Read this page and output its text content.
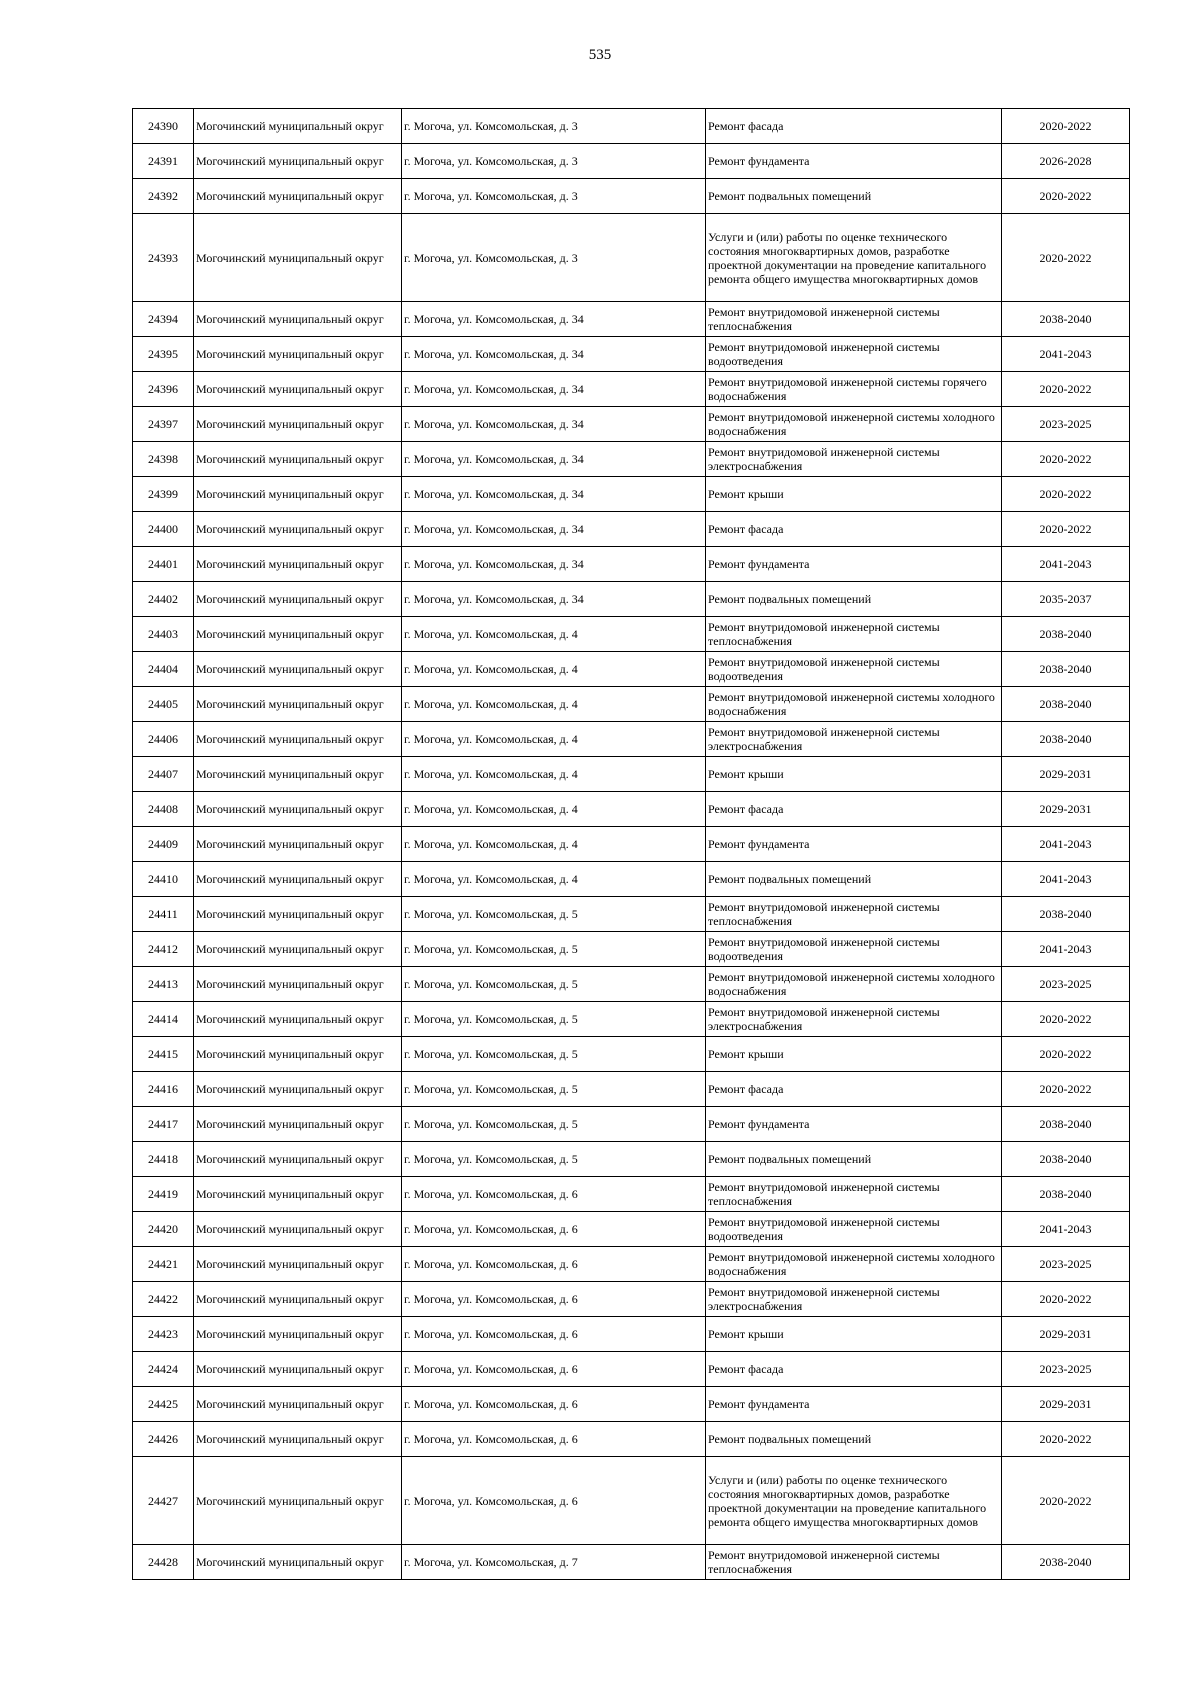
535
24390	Могочинский муниципальный округ	г. Могоча, ул. Комсомольская, д. 3	Ремонт фасада	2020-2022
24391	Могочинский муниципальный округ	г. Могоча, ул. Комсомольская, д. 3	Ремонт фундамента	2026-2028
24392	Могочинский муниципальный округ	г. Могоча, ул. Комсомольская, д. 3	Ремонт подвальных помещений	2020-2022
24393	Могочинский муниципальный округ	г. Могоча, ул. Комсомольская, д. 3	Услуги и (или) работы по оценке технического состояния многоквартирных домов, разработке проектной документации на проведение капитального ремонта общего имущества многоквартирных домов	2020-2022
24394	Могочинский муниципальный округ	г. Могоча, ул. Комсомольская, д. 34	Ремонт внутридомовой инженерной системы теплоснабжения	2038-2040
24395	Могочинский муниципальный округ	г. Могоча, ул. Комсомольская, д. 34	Ремонт внутридомовой инженерной системы водоотведения	2041-2043
24396	Могочинский муниципальный округ	г. Могоча, ул. Комсомольская, д. 34	Ремонт внутридомовой инженерной системы горячего водоснабжения	2020-2022
24397	Могочинский муниципальный округ	г. Могоча, ул. Комсомольская, д. 34	Ремонт внутридомовой инженерной системы холодного водоснабжения	2023-2025
24398	Могочинский муниципальный округ	г. Могоча, ул. Комсомольская, д. 34	Ремонт внутридомовой инженерной системы электроснабжения	2020-2022
24399	Могочинский муниципальный округ	г. Могоча, ул. Комсомольская, д. 34	Ремонт крыши	2020-2022
24400	Могочинский муниципальный округ	г. Могоча, ул. Комсомольская, д. 34	Ремонт фасада	2020-2022
24401	Могочинский муниципальный округ	г. Могоча, ул. Комсомольская, д. 34	Ремонт фундамента	2041-2043
24402	Могочинский муниципальный округ	г. Могоча, ул. Комсомольская, д. 34	Ремонт подвальных помещений	2035-2037
24403	Могочинский муниципальный округ	г. Могоча, ул. Комсомольская, д. 4	Ремонт внутридомовой инженерной системы теплоснабжения	2038-2040
24404	Могочинский муниципальный округ	г. Могоча, ул. Комсомольская, д. 4	Ремонт внутридомовой инженерной системы водоотведения	2038-2040
24405	Могочинский муниципальный округ	г. Могоча, ул. Комсомольская, д. 4	Ремонт внутридомовой инженерной системы холодного водоснабжения	2038-2040
24406	Могочинский муниципальный округ	г. Могоча, ул. Комсомольская, д. 4	Ремонт внутридомовой инженерной системы электроснабжения	2038-2040
24407	Могочинский муниципальный округ	г. Могоча, ул. Комсомольская, д. 4	Ремонт крыши	2029-2031
24408	Могочинский муниципальный округ	г. Могоча, ул. Комсомольская, д. 4	Ремонт фасада	2029-2031
24409	Могочинский муниципальный округ	г. Могоча, ул. Комсомольская, д. 4	Ремонт фундамента	2041-2043
24410	Могочинский муниципальный округ	г. Могоча, ул. Комсомольская, д. 4	Ремонт подвальных помещений	2041-2043
24411	Могочинский муниципальный округ	г. Могоча, ул. Комсомольская, д. 5	Ремонт внутридомовой инженерной системы теплоснабжения	2038-2040
24412	Могочинский муниципальный округ	г. Могоча, ул. Комсомольская, д. 5	Ремонт внутридомовой инженерной системы водоотведения	2041-2043
24413	Могочинский муниципальный округ	г. Могоча, ул. Комсомольская, д. 5	Ремонт внутридомовой инженерной системы холодного водоснабжения	2023-2025
24414	Могочинский муниципальный округ	г. Могоча, ул. Комсомольская, д. 5	Ремонт внутридомовой инженерной системы электроснабжения	2020-2022
24415	Могочинский муниципальный округ	г. Могоча, ул. Комсомольская, д. 5	Ремонт крыши	2020-2022
24416	Могочинский муниципальный округ	г. Могоча, ул. Комсомольская, д. 5	Ремонт фасада	2020-2022
24417	Могочинский муниципальный округ	г. Могоча, ул. Комсомольская, д. 5	Ремонт фундамента	2038-2040
24418	Могочинский муниципальный округ	г. Могоча, ул. Комсомольская, д. 5	Ремонт подвальных помещений	2038-2040
24419	Могочинский муниципальный округ	г. Могоча, ул. Комсомольская, д. 6	Ремонт внутридомовой инженерной системы теплоснабжения	2038-2040
24420	Могочинский муниципальный округ	г. Могоча, ул. Комсомольская, д. 6	Ремонт внутридомовой инженерной системы водоотведения	2041-2043
24421	Могочинский муниципальный округ	г. Могоча, ул. Комсомольская, д. 6	Ремонт внутридомовой инженерной системы холодного водоснабжения	2023-2025
24422	Могочинский муниципальный округ	г. Могоча, ул. Комсомольская, д. 6	Ремонт внутридомовой инженерной системы электроснабжения	2020-2022
24423	Могочинский муниципальный округ	г. Могоча, ул. Комсомольская, д. 6	Ремонт крыши	2029-2031
24424	Могочинский муниципальный округ	г. Могоча, ул. Комсомольская, д. 6	Ремонт фасада	2023-2025
24425	Могочинский муниципальный округ	г. Могоча, ул. Комсомольская, д. 6	Ремонт фундамента	2029-2031
24426	Могочинский муниципальный округ	г. Могоча, ул. Комсомольская, д. 6	Ремонт подвальных помещений	2020-2022
24427	Могочинский муниципальный округ	г. Могоча, ул. Комсомольская, д. 6	Услуги и (или) работы по оценке технического состояния многоквартирных домов, разработке проектной документации на проведение капитального ремонта общего имущества многоквартирных домов	2020-2022
24428	Могочинский муниципальный округ	г. Могоча, ул. Комсомольская, д. 7	Ремонт внутридомовой инженерной системы теплоснабжения	2038-2040
